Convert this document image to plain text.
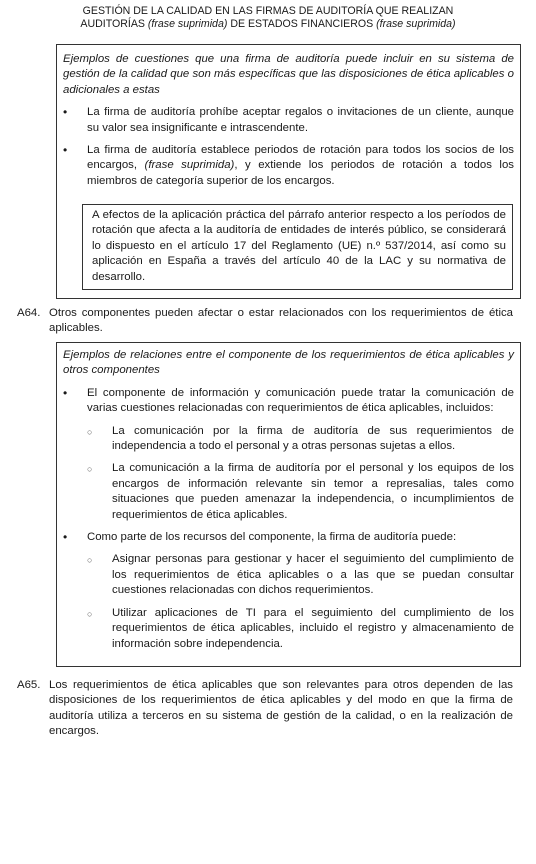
GESTIÓN DE LA CALIDAD EN LAS FIRMAS DE AUDITORÍA QUE REALIZAN
AUDITORÍAS (frase suprimida) DE ESTADOS FINANCIEROS (frase suprimida)
Ejemplos de cuestiones que una firma de auditoría puede incluir en su sistema de gestión de la calidad que son más específicas que las disposiciones de ética aplicables o adicionales a estas
• La firma de auditoría prohíbe aceptar regalos o invitaciones de un cliente, aunque su valor sea insignificante e intrascendente.
• La firma de auditoría establece periodos de rotación para todos los socios de los encargos, (frase suprimida), y extiende los periodos de rotación a todos los miembros de categoría superior de los encargos.
A efectos de la aplicación práctica del párrafo anterior respecto a los períodos de rotación que afecta a la auditoría de entidades de interés público, se considerará lo dispuesto en el artículo 17 del Reglamento (UE) n.º 537/2014, así como su aplicación en España a través del artículo 40 de la LAC y su normativa de desarrollo.
A64. Otros componentes pueden afectar o estar relacionados con los requerimientos de ética aplicables.
Ejemplos de relaciones entre el componente de los requerimientos de ética aplicables y otros componentes
• El componente de información y comunicación puede tratar la comunicación de varias cuestiones relacionadas con requerimientos de ética aplicables, incluidos:
○ La comunicación por la firma de auditoría de sus requerimientos de independencia a todo el personal y a otras personas sujetas a ellos.
○ La comunicación a la firma de auditoría por el personal y los equipos de los encargos de información relevante sin temor a represalias, tales como situaciones que pueden amenazar la independencia, o incumplimientos de requerimientos de ética aplicables.
• Como parte de los recursos del componente, la firma de auditoría puede:
○ Asignar personas para gestionar y hacer el seguimiento del cumplimiento de los requerimientos de ética aplicables o a las que se puedan consultar cuestiones relacionadas con dichos requerimientos.
○ Utilizar aplicaciones de TI para el seguimiento del cumplimiento de los requerimientos de ética aplicables, incluido el registro y almacenamiento de información sobre independencia.
A65. Los requerimientos de ética aplicables que son relevantes para otros dependen de las disposiciones de los requerimientos de ética aplicables y del modo en que la firma de auditoría utiliza a terceros en su sistema de gestión de la calidad, o en la realización de encargos.
